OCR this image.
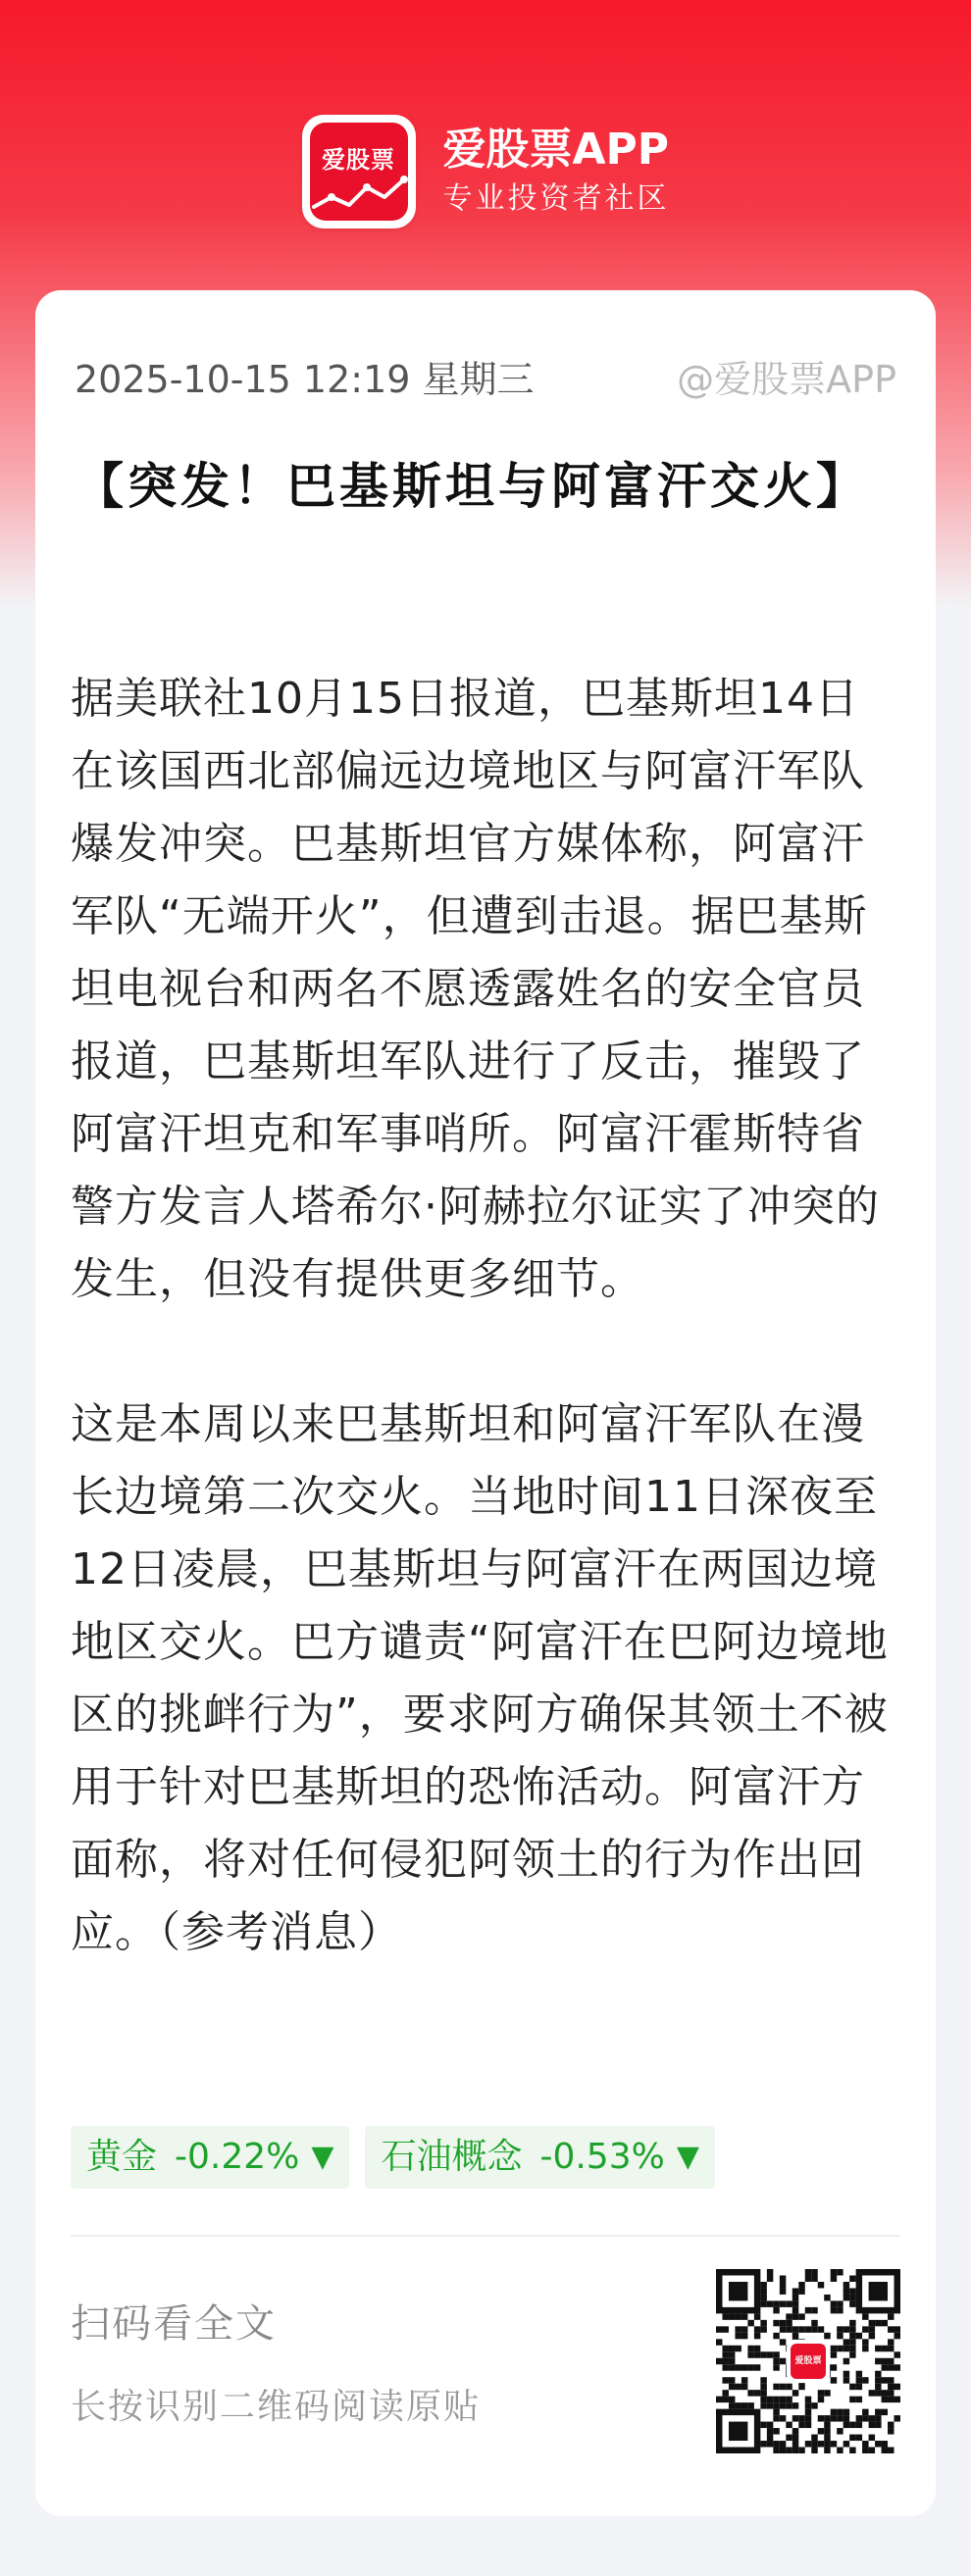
爱股票 爱股票APP
专业投资者社区
2025-10-15 12:19 星期三	@爱股票APP
【突发！巴基斯坦与阿富汗交火】

据美联社10月15日报道，巴基斯坦14日在该国西北部偏远边境地区与阿富汗军队爆发冲突。巴基斯坦官方媒体称，阿富汗军队“无端开火”，但遭到击退。据巴基斯坦电视台和两名不愿透露姓名的安全官员报道，巴基斯坦军队进行了反击，摧毁了阿富汗坦克和军事哨所。阿富汗霍斯特省警方发言人塔希尔·阿赫拉尔证实了冲突的发生，但没有提供更多细节。

这是本周以来巴基斯坦和阿富汗军队在漫长边境第二次交火。当地时间11日深夜至12日凌晨，巴基斯坦与阿富汗在两国边境地区交火。巴方谴责“阿富汗在巴阿边境地区的挑衅行为”，要求阿方确保其领土不被用于针对巴基斯坦的恐怖活动。阿富汗方面称，将对任何侵犯阿领土的行为作出回应。（参考消息）

黄金 -0.22% ▼ 石油概念 -0.53% ▼
扫码看全文
长按识别二维码阅读原贴
爱股票
